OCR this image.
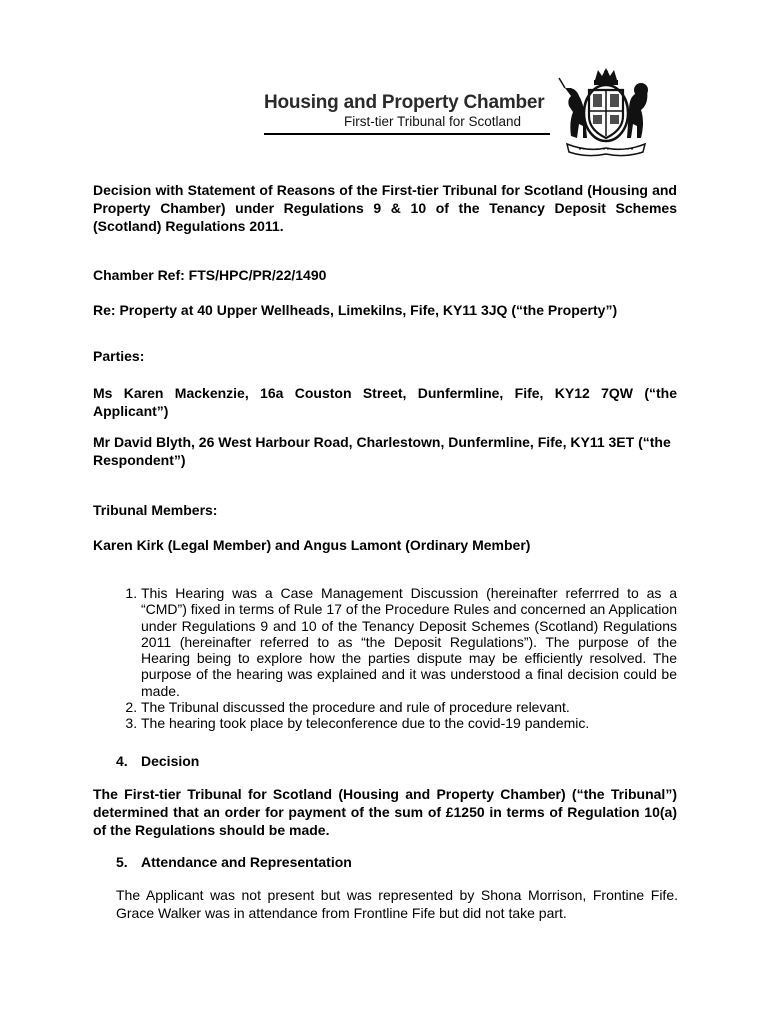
Housing and Property Chamber
First-tier Tribunal for Scotland
Decision with Statement of Reasons of the First-tier Tribunal for Scotland (Housing and Property Chamber) under Regulations 9 & 10 of the Tenancy Deposit Schemes (Scotland) Regulations 2011.
Chamber Ref: FTS/HPC/PR/22/1490
Re: Property at 40 Upper Wellheads, Limekilns, Fife, KY11 3JQ (“the Property”)
Parties:
Ms Karen Mackenzie, 16a Couston Street, Dunfermline, Fife, KY12 7QW (“the Applicant”)
Mr David Blyth, 26 West Harbour Road, Charlestown, Dunfermline, Fife, KY11 3ET (“the Respondent”)
Tribunal Members:
Karen Kirk (Legal Member) and Angus Lamont (Ordinary Member)
1. This Hearing was a Case Management Discussion (hereinafter referrred to as a “CMD”) fixed in terms of Rule 17 of the Procedure Rules and concerned an Application under Regulations 9 and 10 of the Tenancy Deposit Schemes (Scotland) Regulations 2011 (hereinafter referred to as “the Deposit Regulations”). The purpose of the Hearing being to explore how the parties dispute may be efficiently resolved. The purpose of the hearing was explained and it was understood a final decision could be made.
2. The Tribunal discussed the procedure and rule of procedure relevant.
3. The hearing took place by teleconference due to the covid-19 pandemic.
4. Decision
The First-tier Tribunal for Scotland (Housing and Property Chamber) (“the Tribunal”) determined that an order for payment of the sum of £1250 in terms of Regulation 10(a) of the Regulations should be made.
5. Attendance and Representation
The Applicant was not present but was represented by Shona Morrison, Frontine Fife. Grace Walker was in attendance from Frontline Fife but did not take part.
